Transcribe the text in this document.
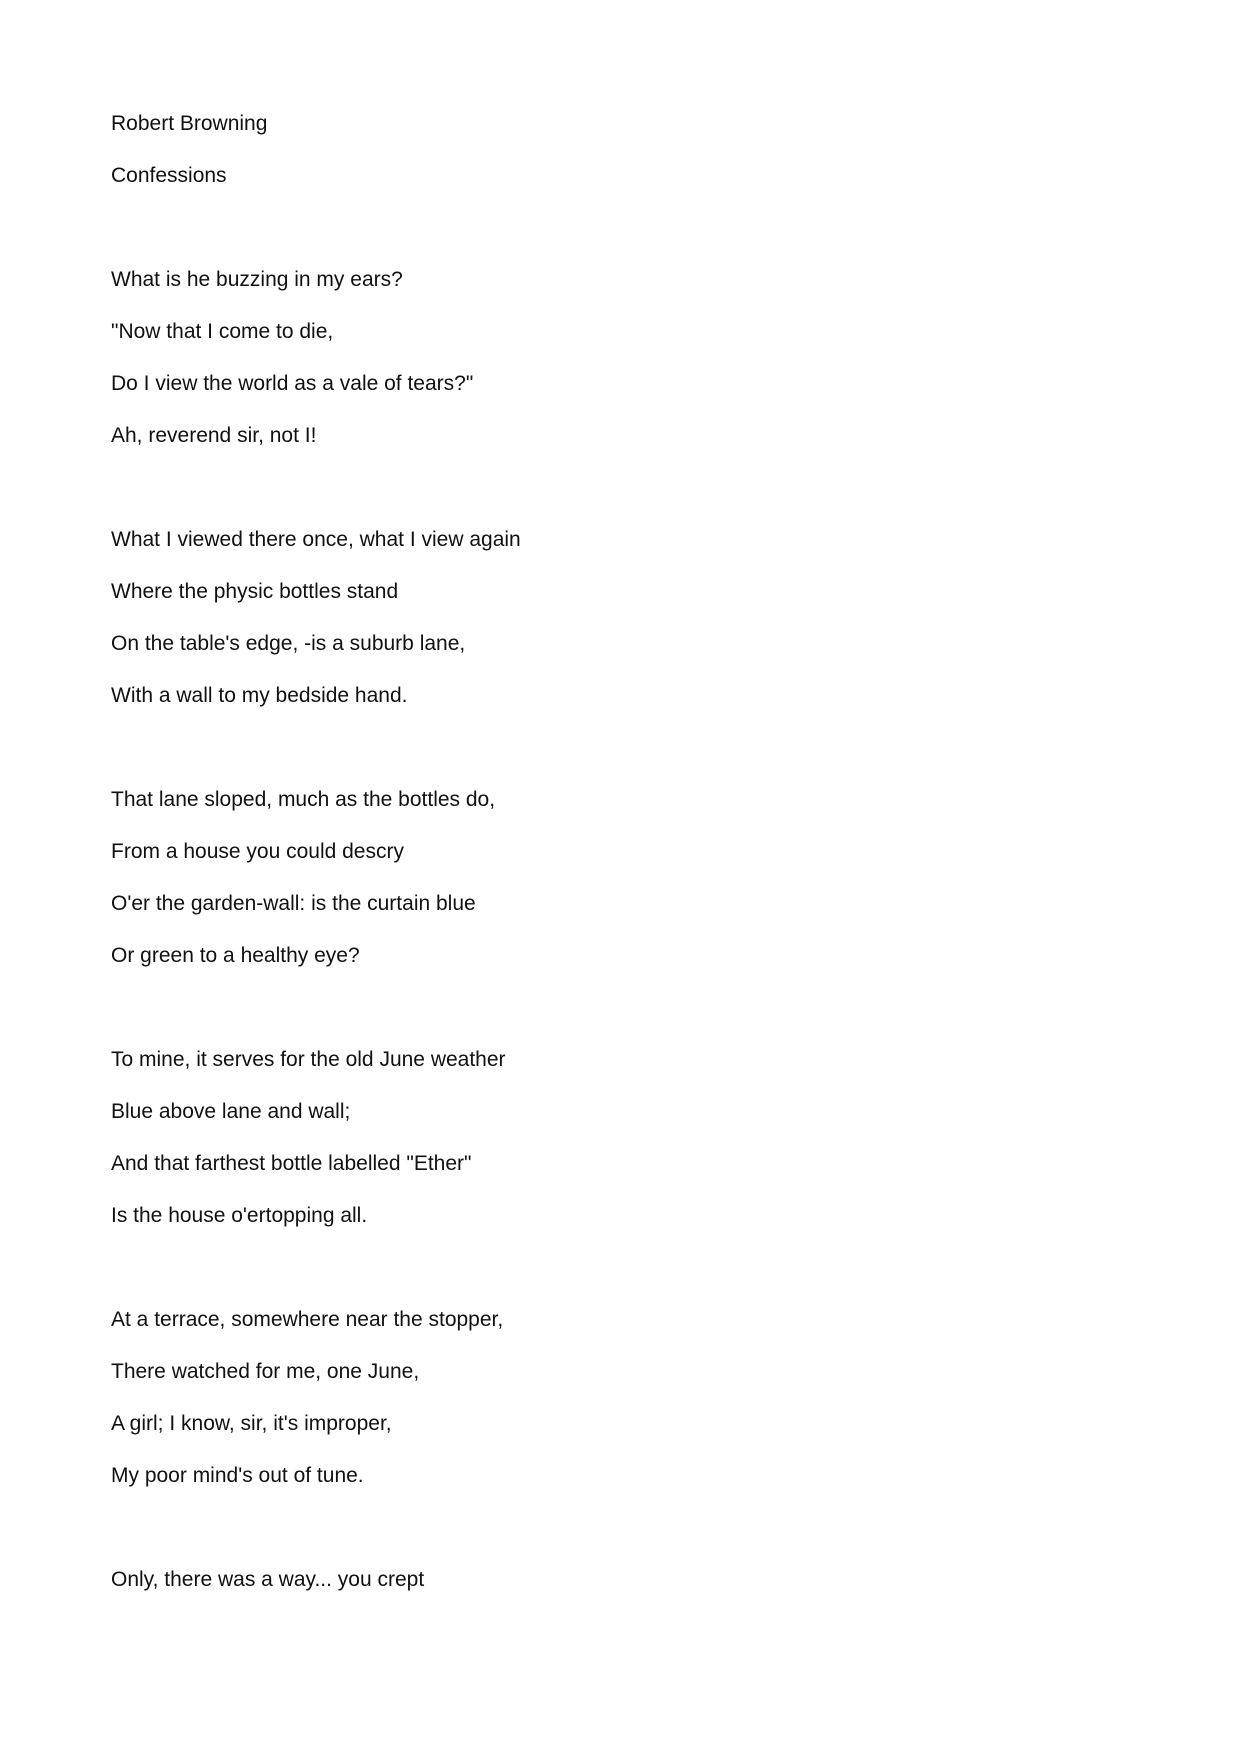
Robert Browning
Confessions
What is he buzzing in my ears?
"Now that I come to die,
Do I view the world as a vale of tears?"
Ah, reverend sir, not I!
What I viewed there once, what I view again
Where the physic bottles stand
On the table's edge, -is a suburb lane,
With a wall to my bedside hand.
That lane sloped, much as the bottles do,
From a house you could descry
O'er the garden-wall: is the curtain blue
Or green to a healthy eye?
To mine, it serves for the old June weather
Blue above lane and wall;
And that farthest bottle labelled "Ether"
Is the house o'ertopping all.
At a terrace, somewhere near the stopper,
There watched for me, one June,
A girl; I know, sir, it's improper,
My poor mind's out of tune.
Only, there was a way... you crept
